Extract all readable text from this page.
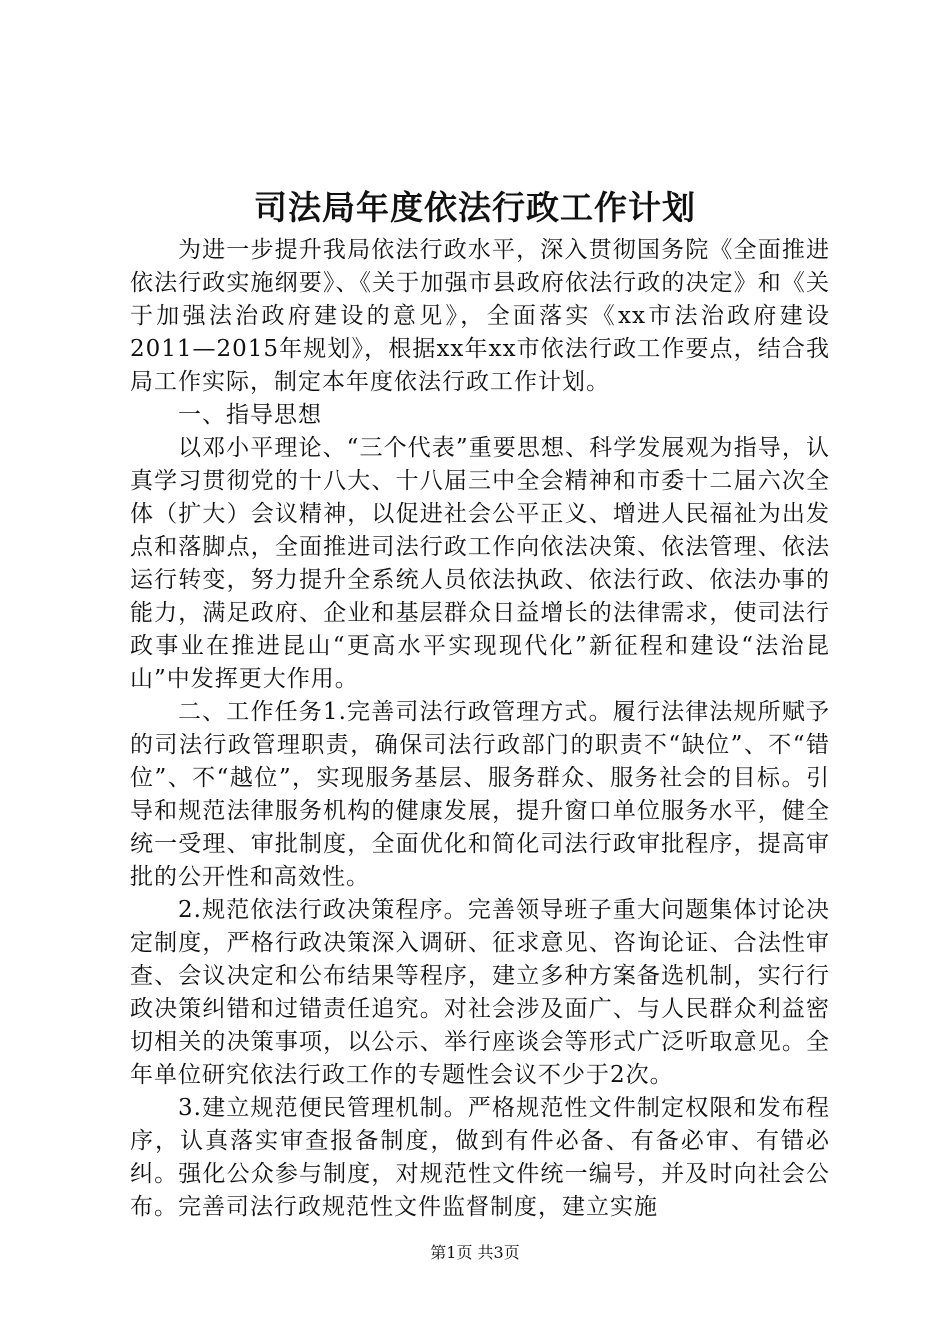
司法局年度依法行政工作计划

为进一步提升我局依法行政水平，深入贯彻国务院《全面推进依法行政实施纲要》、《关于加强市县政府依法行政的决定》和《关于加强法治政府建设的意见》，全面落实《xx市法治政府建设2011—2015年规划》，根据xx年xx市依法行政工作要点，结合我局工作实际，制定本年度依法行政工作计划。

一、指导思想

以邓小平理论、“三个代表”重要思想、科学发展观为指导，认真学习贯彻党的十八大、十八届三中全会精神和市委十二届六次全体（扩大）会议精神，以促进社会公平正义、增进人民福祉为出发点和落脚点，全面推进司法行政工作向依法决策、依法管理、依法运行转变，努力提升全系统人员依法执政、依法行政、依法办事的能力，满足政府、企业和基层群众日益增长的法律需求，使司法行政事业在推进昆山“更高水平实现现代化”新征程和建设“法治昆山”中发挥更大作用。

二、工作任务1.完善司法行政管理方式。履行法律法规所赋予的司法行政管理职责，确保司法行政部门的职责不“缺位”、不“错位”、不“越位”，实现服务基层、服务群众、服务社会的目标。引导和规范法律服务机构的健康发展，提升窗口单位服务水平，健全统一受理、审批制度，全面优化和简化司法行政审批程序，提高审批的公开性和高效性。

2.规范依法行政决策程序。完善领导班子重大问题集体讨论决定制度，严格行政决策深入调研、征求意见、咨询论证、合法性审查、会议决定和公布结果等程序，建立多种方案备选机制，实行行政决策纠错和过错责任追究。对社会涉及面广、与人民群众利益密切相关的决策事项，以公示、举行座谈会等形式广泛听取意见。全年单位研究依法行政工作的专题性会议不少于2次。

3.建立规范便民管理机制。严格规范性文件制定权限和发布程序，认真落实审查报备制度，做到有件必备、有备必审、有错必纠。强化公众参与制度，对规范性文件统一编号，并及时向社会公布。完善司法行政规范性文件监督制度，建立实施

第1页 共3页
